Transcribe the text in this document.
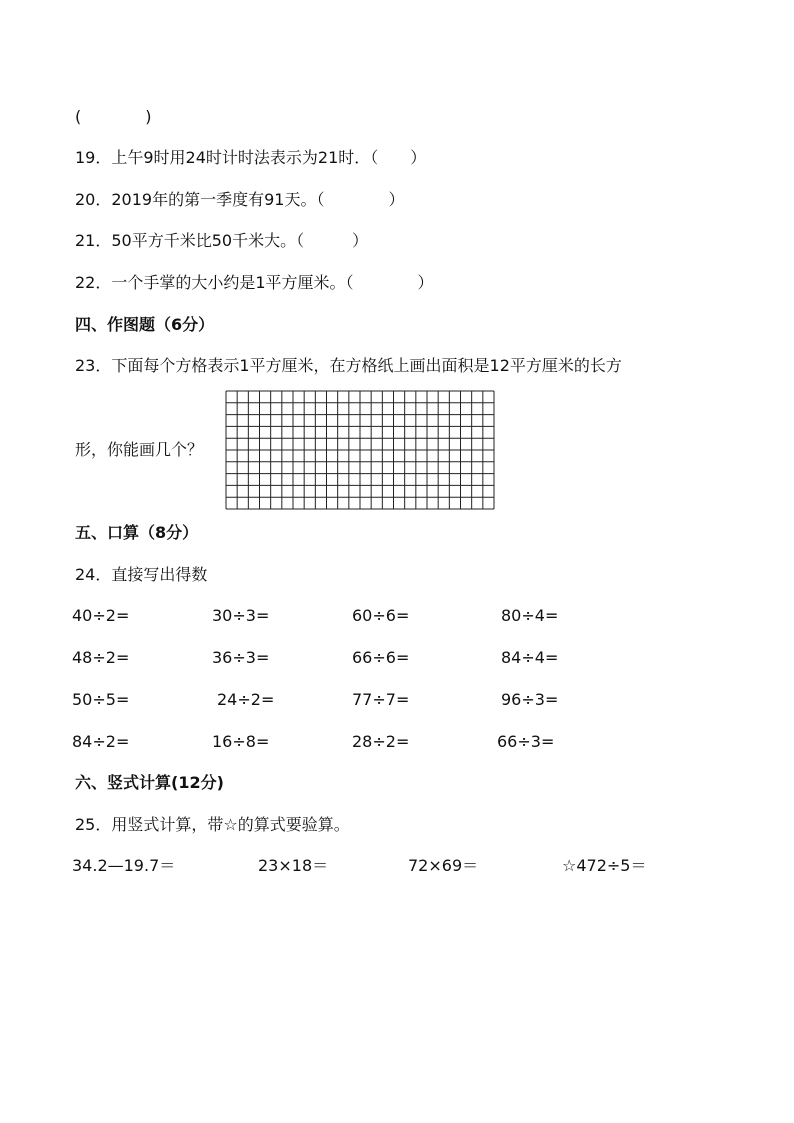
(　　　　)
19．上午9时用24时计时法表示为21时．（　　）
20．2019年的第一季度有91天。（　　　　）
21．50平方千米比50千米大。（　　　）
22．一个手掌的大小约是1平方厘米。（　　　　）
四、作图题（6分）
23．下面每个方格表示1平方厘米，在方格纸上画出面积是12平方厘米的长方
形，你能画几个？
五、口算（8分）
24．直接写出得数
40÷2=	30÷3=	60÷6=	80÷4=
48÷2=	36÷3=	66÷6=	84÷4=
50÷5=	24÷2=	77÷7=	96÷3=
84÷2=	16÷8=	28÷2=	66÷3=
六、竖式计算(12分)
25．用竖式计算，带☆的算式要验算。
34.2—19.7＝	23×18＝	72×69＝	☆472÷5＝
